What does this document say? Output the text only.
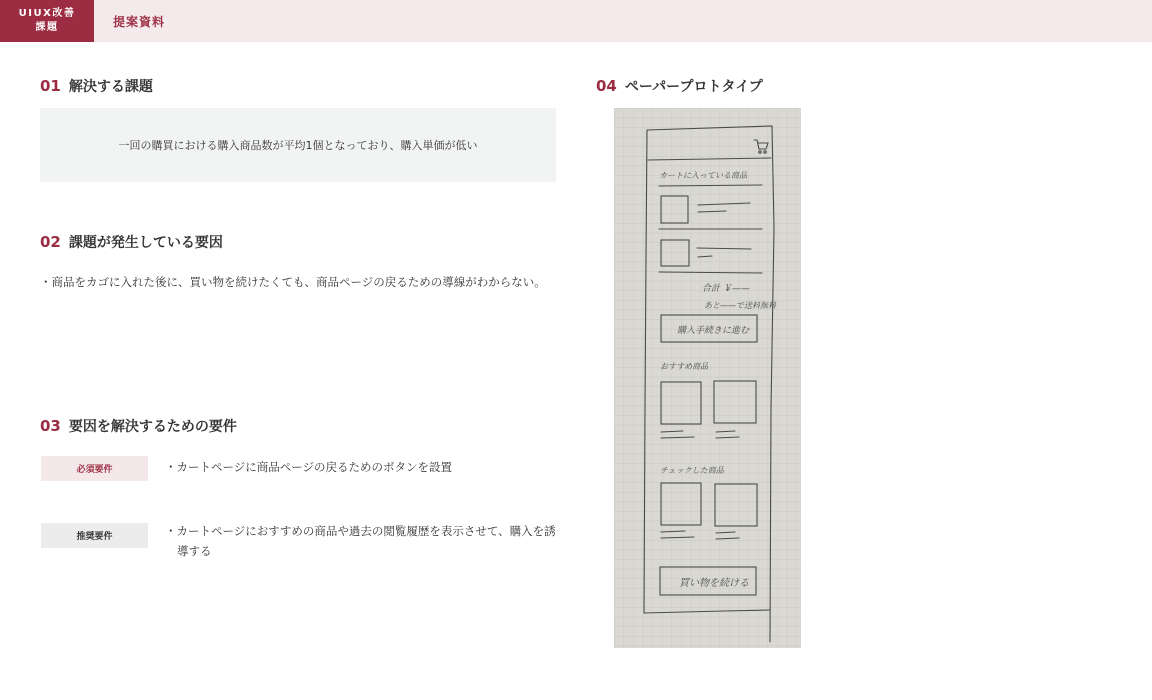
UIUX改善
課題	提案資料
01 解決する課題
一回の購買における購入商品数が平均1個となっており、購入単価が低い
02 課題が発生している要因
・商品をカゴに入れた後に、買い物を続けたくても、商品ページの戻るための導線がわからない。
03 要因を解決するための要件
必須要件	・カートページに商品ページの戻るためのボタンを設置
推奨要件	・カートページにおすすめの商品や過去の閲覧履歴を表示させて、購入を誘導する
04 ペーパープロトタイプ
カートに入っている商品
合計 ￥——
あと——で送料無料
購入手続きに進む
おすすめ商品
チェックした商品
買い物を続ける
